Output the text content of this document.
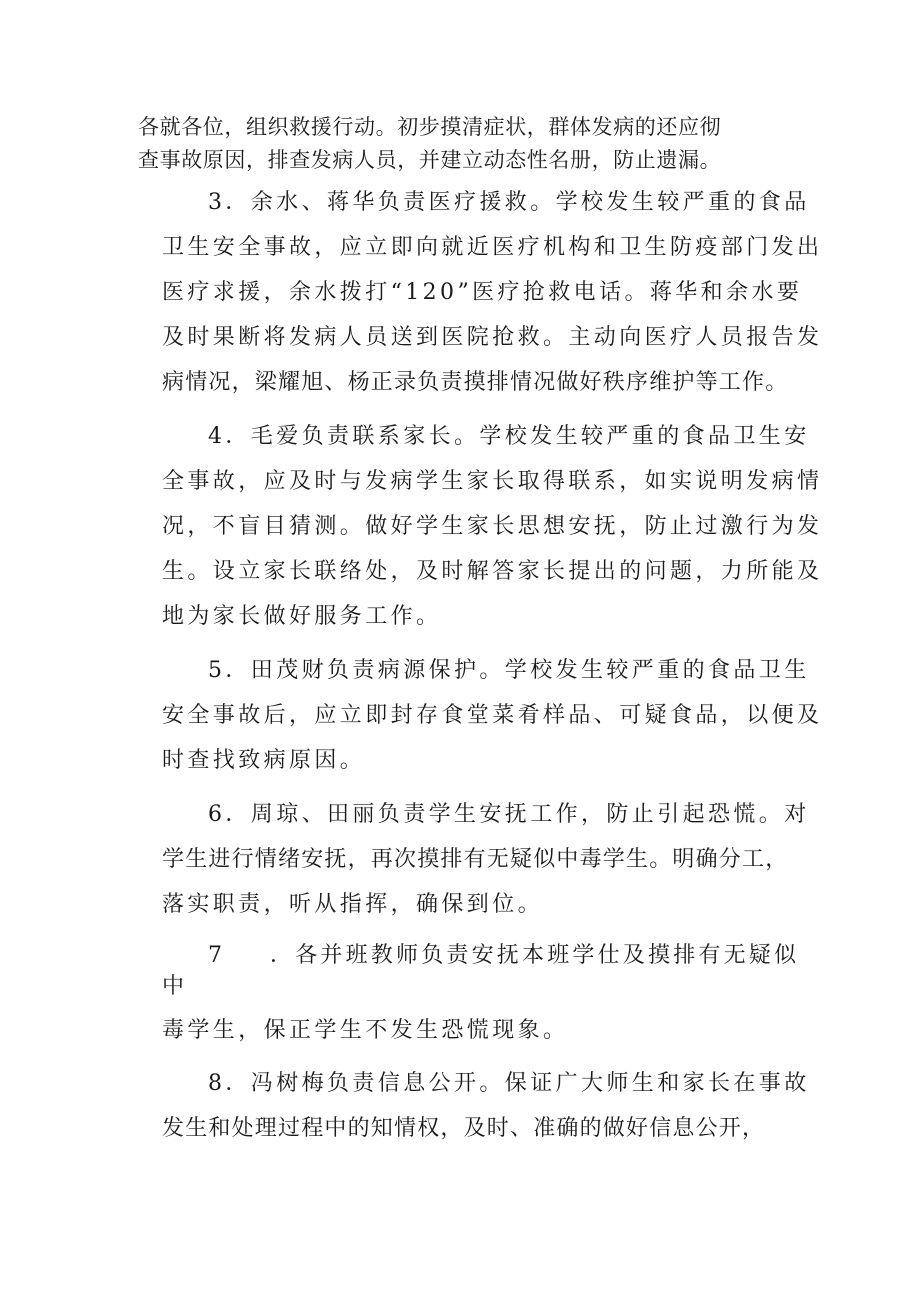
各就各位，组织救援行动。初步摸清症状，群体发病的还应彻
查事故原因，排查发病人员，并建立动态性名册，防止遗漏。
3．余水、蒋华负责医疗援救。学校发生较严重的食品
卫生安全事故，应立即向就近医疗机构和卫生防疫部门发出
医疗求援，余水拨打“120”医疗抢救电话。蒋华和余水要
及时果断将发病人员送到医院抢救。主动向医疗人员报告发
病情况，梁耀旭、杨正录负责摸排情况做好秩序维护等工作。
4．毛爱负责联系家长。学校发生较严重的食品卫生安
全事故，应及时与发病学生家长取得联系，如实说明发病情
况，不盲目猜测。做好学生家长思想安抚，防止过激行为发
生。设立家长联络处，及时解答家长提出的问题，力所能及
地为家长做好服务工作。
5．田茂财负责病源保护。学校发生较严重的食品卫生
安全事故后，应立即封存食堂菜肴样品、可疑食品，以便及
时查找致病原因。
6．周琼、田丽负责学生安抚工作，防止引起恐慌。对
学生进行情绪安抚，再次摸排有无疑似中毒学生。明确分工，
落实职责，听从指挥，确保到位。
7 ．各并班教师负责安抚本班学仕及摸排有无疑似
中
毒学生，保正学生不发生恐慌现象。
8．冯树梅负责信息公开。保证广大师生和家长在事故
发生和处理过程中的知情权，及时、准确的做好信息公开，
